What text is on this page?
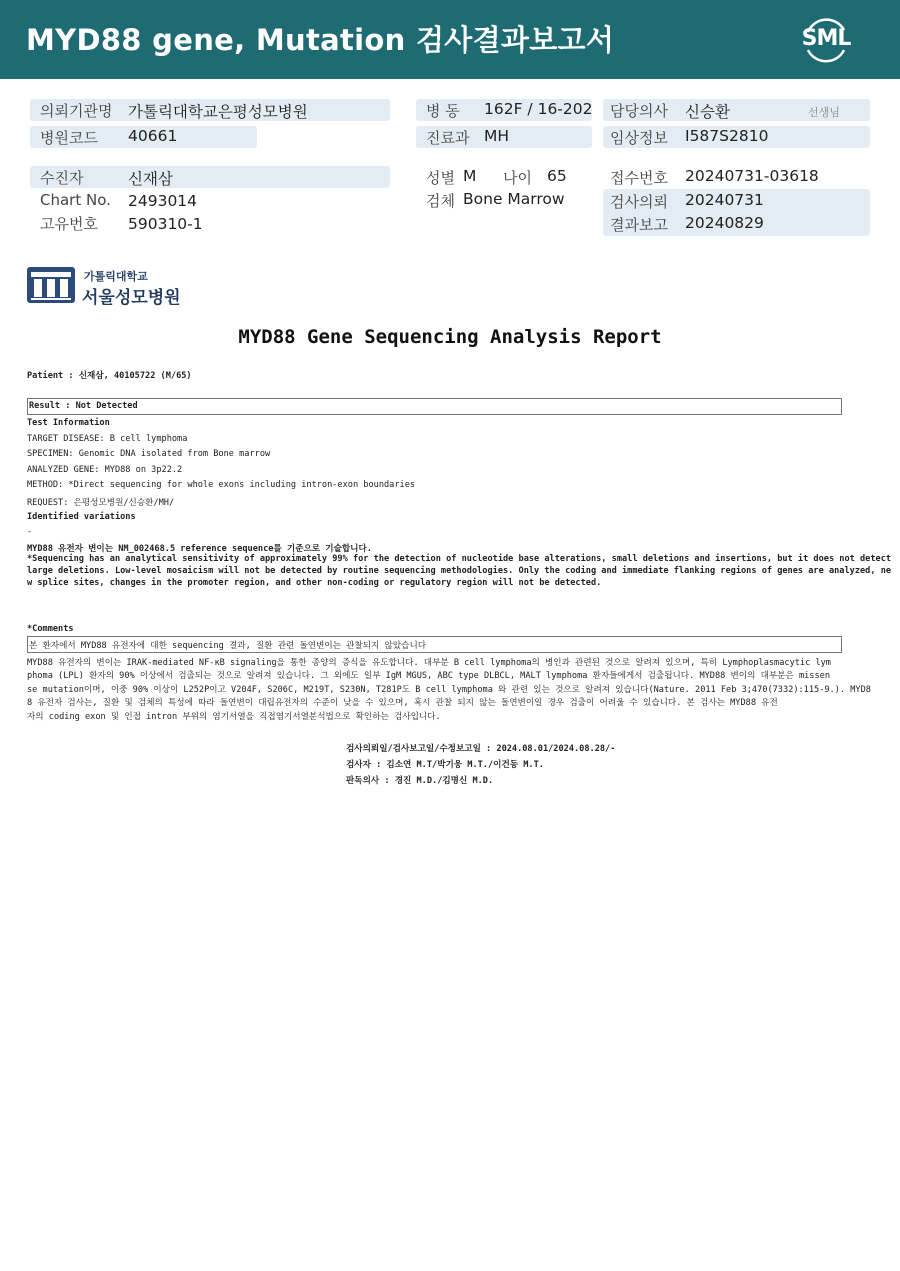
MYD88 gene, Mutation 검사결과보고서	SML
의뢰기관명 가톨릭대학교은평성모병원
병원코드 40661
수진자	신재삼
Chart No. 2493014
고유번호 590310-1
병 동 162F / 16-202
진료과 MH
성별 M 나이 65
검체 Bone Marrow
담당의사 신승환	선생님
임상정보 I587S2810
접수번호 20240731-03618
검사의뢰 20240731
결과보고 20240829
가톨릭대학교
서울성모병원
MYD88 Gene Sequencing Analysis Report
Patient : 신재삼, 40105722 (M/65)
Result : Not Detected
Test Information
TARGET DISEASE: B cell lymphoma
SPECIMEN: Genomic DNA isolated from Bone marrow
ANALYZED GENE: MYD88 on 3p22.2
METHOD: *Direct sequencing for whole exons including intron-exon boundaries
REQUEST: 은평성모병원/신승환/MH/
Identified variations
-
MYD88 유전자 변이는 NM_002468.5 reference sequence를 기준으로 기술합니다.
*Sequencing has an analytical sensitivity of approximately 99% for the detection of nucleotide base alterations, small deletions and insertions, but it does not detect
large deletions. Low-level mosaicism will not be detected by routine sequencing methodologies. Only the coding and immediate flanking regions of genes are analyzed, ne
w splice sites, changes in the promoter region, and other non-coding or regulatory region will not be detected.
*Comments
본 환자에서 MYD88 유전자에 대한 sequencing 결과, 질환 관련 돌연변이는 관찰되지 않았습니다
MYD88 유전자의 변이는 IRAK-mediated NF-κB signaling을 통한 종양의 증식을 유도합니다. 대부분 B cell lymphoma의 병인과 관련된 것으로 알려져 있으며, 특히 Lymphoplasmacytic lym
phoma (LPL) 환자의 90% 이상에서 검출되는 것으로 알려져 있습니다. 그 외에도 일부 IgM MGUS, ABC type DLBCL, MALT lymphoma 환자들에게서 검출됩니다. MYD88 변이의 대부분은 missen
se mutation이며, 이중 90% 이상이 L252P이고 V204F, S206C, M219T, S230N, T281P도 B cell lymphoma 와 관련 있는 것으로 알려져 있습니다(Nature. 2011 Feb 3;470(7332):115-9.). MYD8
8 유전자 검사는, 질환 및 검체의 특성에 따라 돌연변이 대립유전자의 수준이 낮을 수 있으며, 혹시 관찰 되지 않는 돌연변이일 경우 검출이 어려울 수 있습니다. 본 검사는 MYD88 유전
자의 coding exon 및 인접 intron 부위의 염기서열을 직접염기서열분석법으로 확인하는 검사입니다.
검사의뢰일/검사보고일/수정보고일 : 2024.08.01/2024.08.28/-
검사자 : 김소연 M.T/박기웅 M.T./이건동 M.T.
판독의사 : 경진 M.D./김명신 M.D.
